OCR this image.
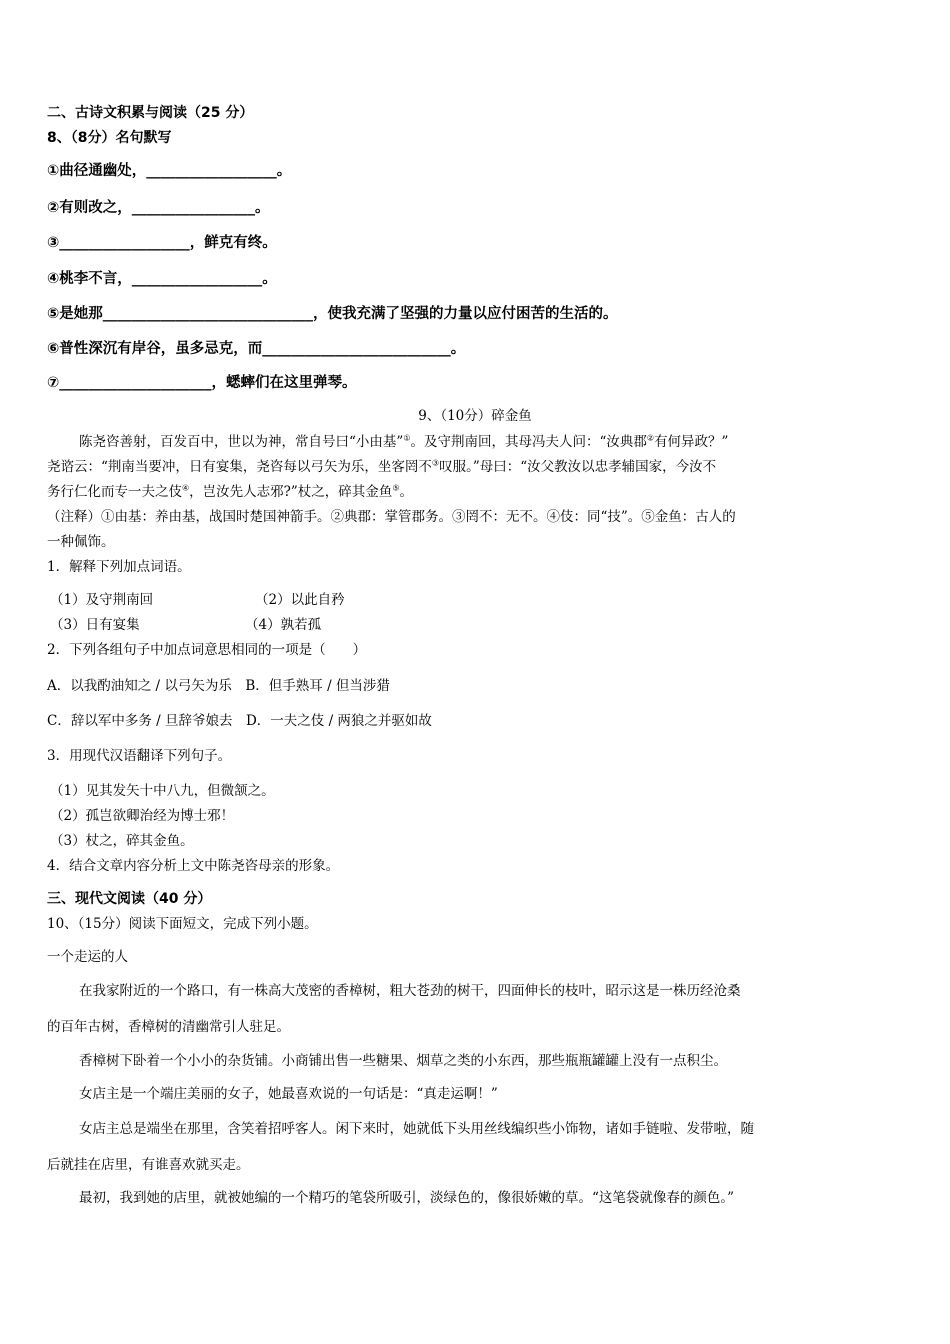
二、古诗文积累与阅读（25 分）
8、（8分）名句默写
①曲径通幽处，__________________。
②有则改之，_________________。
③__________________，鲜克有终。
④桃李不言，__________________。
⑤是她那_____________________________，使我充满了坚强的力量以应付困苦的生活的。
⑥普性深沉有岸谷，虽多忌克，而__________________________。
⑦_____________________，蟋蟀们在这里弹琴。
9、（10分）碎金鱼
陈尧咨善射，百发百中，世以为神，常自号曰“小由基”①。及守荆南回，其母冯夫人问：“汝典郡②有何异政？”
尧谘云：“荆南当要冲，日有宴集，尧咨每以弓矢为乐，坐客罔不③叹服。”母曰：“汝父教汝以忠孝辅国家，今汝不
务行仁化而专一夫之伎④，岂汝先人志邪?”杖之，碎其金鱼⑤。
（注释）①由基：养由基，战国时楚国神箭手。②典郡：掌管郡务。③罔不：无不。④伎：同“技”。⑤金鱼：古人的
一种佩饰。
1．解释下列加点词语。
（1）及守荆南回	（2）以此自矜
（3）日有宴集	（4）孰若孤
2．下列各组句子中加点词意思相同的一项是（　　）
A．以我酌油知之 / 以弓矢为乐　B．但手熟耳 / 但当涉猎
C．辞以军中多务 / 旦辞爷娘去　D．一夫之伎 / 两狼之并驱如故
3．用现代汉语翻译下列句子。
（1）见其发矢十中八九，但微颔之。
（2）孤岂欲卿治经为博士邪！
（3）杖之，碎其金鱼。
4．结合文章内容分析上文中陈尧咨母亲的形象。
三、现代文阅读（40 分）
10、（15分）阅读下面短文，完成下列小题。
一个走运的人
在我家附近的一个路口，有一株高大茂密的香樟树，粗大苍劲的树干，四面伸长的枝叶，昭示这是一株历经沧桑
的百年古树，香樟树的清幽常引人驻足。
香樟树下卧着一个小小的杂货铺。小商铺出售一些糖果、烟草之类的小东西，那些瓶瓶罐罐上没有一点积尘。
女店主是一个端庄美丽的女子，她最喜欢说的一句话是：“真走运啊！”
女店主总是端坐在那里，含笑着招呼客人。闲下来时，她就低下头用丝线编织些小饰物，诸如手链啦、发带啦，随
后就挂在店里，有谁喜欢就买走。
最初，我到她的店里，就被她编的一个精巧的笔袋所吸引，淡绿色的，像很娇嫩的草。“这笔袋就像春的颜色。”
